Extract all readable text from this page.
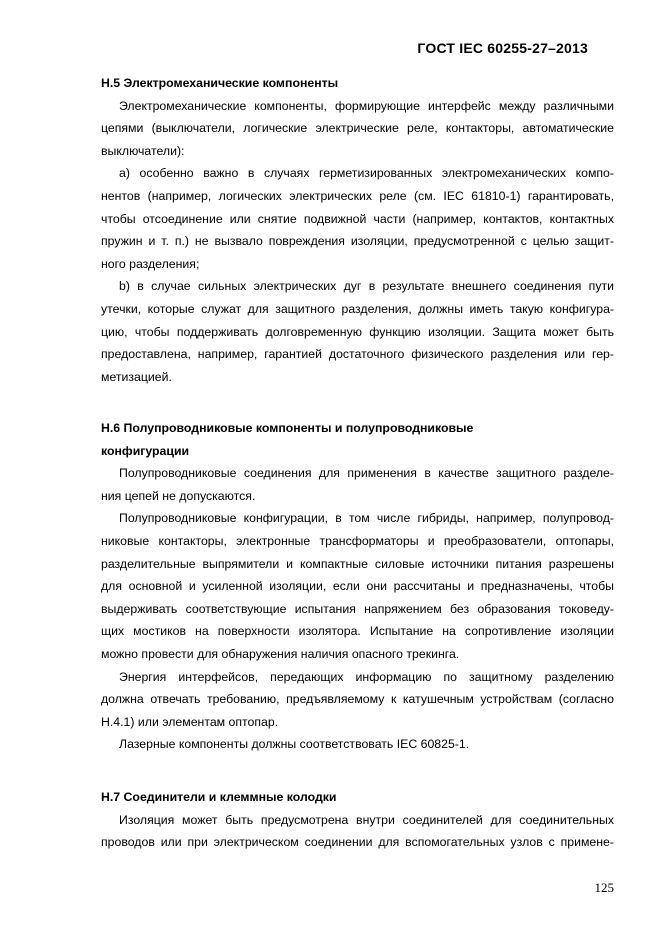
ГОСТ IEC 60255-27–2013
Н.5 Электромеханические компоненты
Электромеханические компоненты, формирующие интерфейс между различными
цепями (выключатели, логические электрические реле, контакторы, автоматические
выключатели):
а) особенно важно в случаях герметизированных электромеханических компо-
нентов (например, логических электрических реле (см. IEC 61810-1) гарантировать,
чтобы отсоединение или снятие подвижной части (например, контактов, контактных
пружин и т. п.) не вызвало повреждения изоляции, предусмотренной с целью защит-
ного разделения;
b) в случае сильных электрических дуг в результате внешнего соединения пути
утечки, которые служат для защитного разделения, должны иметь такую конфигура-
цию, чтобы поддерживать долговременную функцию изоляции. Защита может быть
предоставлена, например, гарантией достаточного физического разделения или гер-
метизацией.
Н.6 Полупроводниковые компоненты и полупроводниковые
конфигурации
Полупроводниковые соединения для применения в качестве защитного разделе-
ния цепей не допускаются.
Полупроводниковые конфигурации, в том числе гибриды, например, полупровод-
никовые контакторы, электронные трансформаторы и преобразователи, оптопары,
разделительные выпрямители и компактные силовые источники питания разрешены
для основной и усиленной изоляции, если они рассчитаны и предназначены, чтобы
выдерживать соответствующие испытания напряжением без образования токоведу-
щих мостиков на поверхности изолятора. Испытание на сопротивление изоляции
можно провести для обнаружения наличия опасного трекинга.
Энергия интерфейсов, передающих информацию по защитному разделению
должна отвечать требованию, предъявляемому к катушечным устройствам (согласно
Н.4.1) или элементам оптопар.
Лазерные компоненты должны соответствовать IEC 60825-1.
Н.7 Соединители и клеммные колодки
Изоляция может быть предусмотрена внутри соединителей для соединительных
проводов или при электрическом соединении для вспомогательных узлов с примене-
125
